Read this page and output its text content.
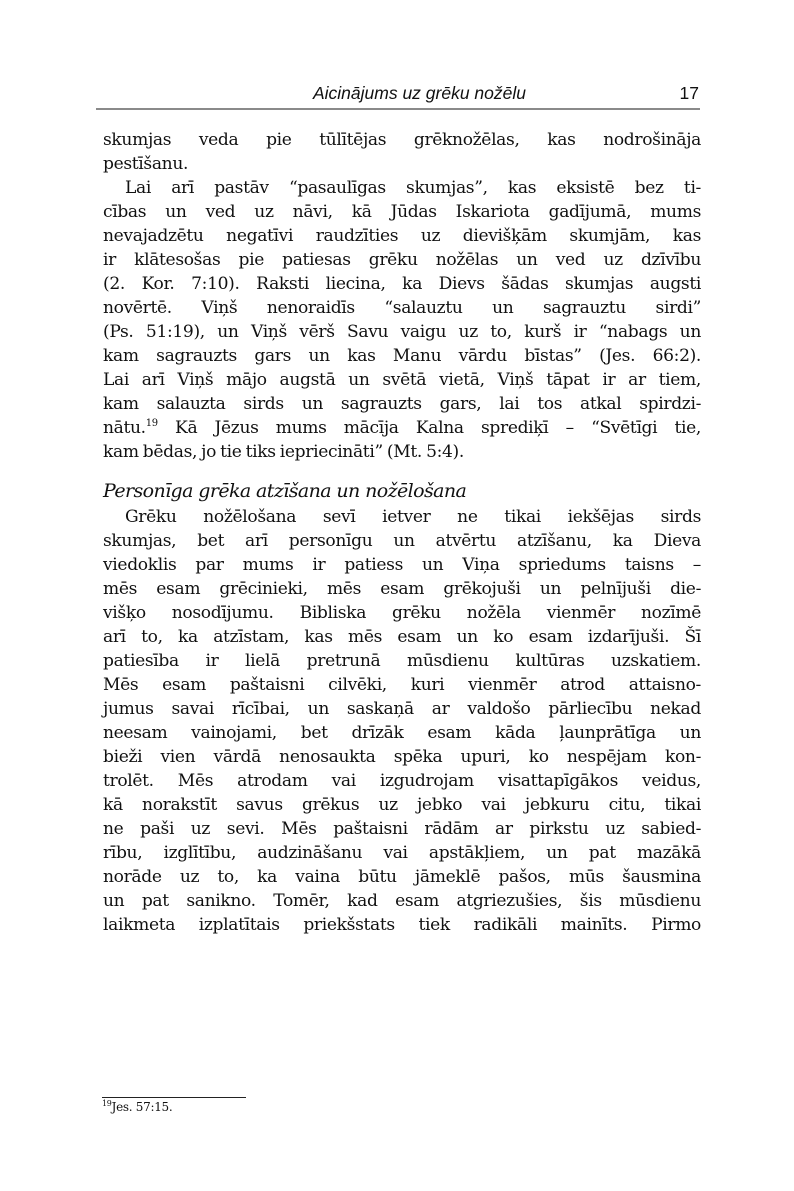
Aicinājums uz grēku nožēlu	17
skumjas veda pie tūlītējas grēknožēlas, kas nodrošināja
pestīšanu.
Lai arī pastāv “pasaulīgas skumjas”, kas eksistē bez ti-
cības un ved uz nāvi, kā Jūdas Iskariota gadījumā, mums
nevajadzētu negatīvi raudzīties uz dievišķām skumjām, kas
ir klātesošas pie patiesas grēku nožēlas un ved uz dzīvību
(2. Kor. 7:10). Raksti liecina, ka Dievs šādas skumjas augsti
novērtē. Viņš nenoraidīs “salauztu un sagrauztu sirdi”
(Ps. 51:19), un Viņš vērš Savu vaigu uz to, kurš ir “nabags un
kam sagrauzts gars un kas Manu vārdu bīstas” (Jes. 66:2).
Lai arī Viņš mājo augstā un svētā vietā, Viņš tāpat ir ar tiem,
kam salauzta sirds un sagrauzts gars, lai tos atkal spirdzi-
nātu.$^{19}$ Kā Jēzus mums mācīja Kalna sprediķī – “Svētīgi tie,
kam bēdas, jo tie tiks iepriecināti” (Mt. 5:4).
Personīga grēka atzīšana un nožēlošana
Grēku nožēlošana sevī ietver ne tikai iekšējas sirds
skumjas, bet arī personīgu un atvērtu atzīšanu, ka Dieva
viedoklis par mums ir patiess un Viņa spriedums taisns –
mēs esam grēcinieki, mēs esam grēkojuši un pelnījuši die-
višķo nosodījumu. Bibliska grēku nožēla vienmēr nozīmē
arī to, ka atzīstam, kas mēs esam un ko esam izdarījuši. Šī
patiesība ir lielā pretrunā mūsdienu kultūras uzskatiem.
Mēs esam paštaisni cilvēki, kuri vienmēr atrod attaisno-
jumus savai rīcībai, un saskaņā ar valdošo pārliecību nekad
neesam vainojami, bet drīzāk esam kāda ļaunprātīga un
bieži vien vārdā nenosaukta spēka upuri, ko nespējam kon-
trolēt. Mēs atrodam vai izgudrojam visattapīgākos veidus,
kā norakstīt savus grēkus uz jebko vai jebkuru citu, tikai
ne paši uz sevi. Mēs paštaisni rādām ar pirkstu uz sabied-
rību, izglītību, audzināšanu vai apstākļiem, un pat mazākā
norāde uz to, ka vaina būtu jāmeklē pašos, mūs šausmina
un pat sanikno. Tomēr, kad esam atgriezušies, šis mūsdienu
laikmeta izplatītais priekšstats tiek radikāli mainīts. Pirmo
$^{19}$Jes. 57:15.
